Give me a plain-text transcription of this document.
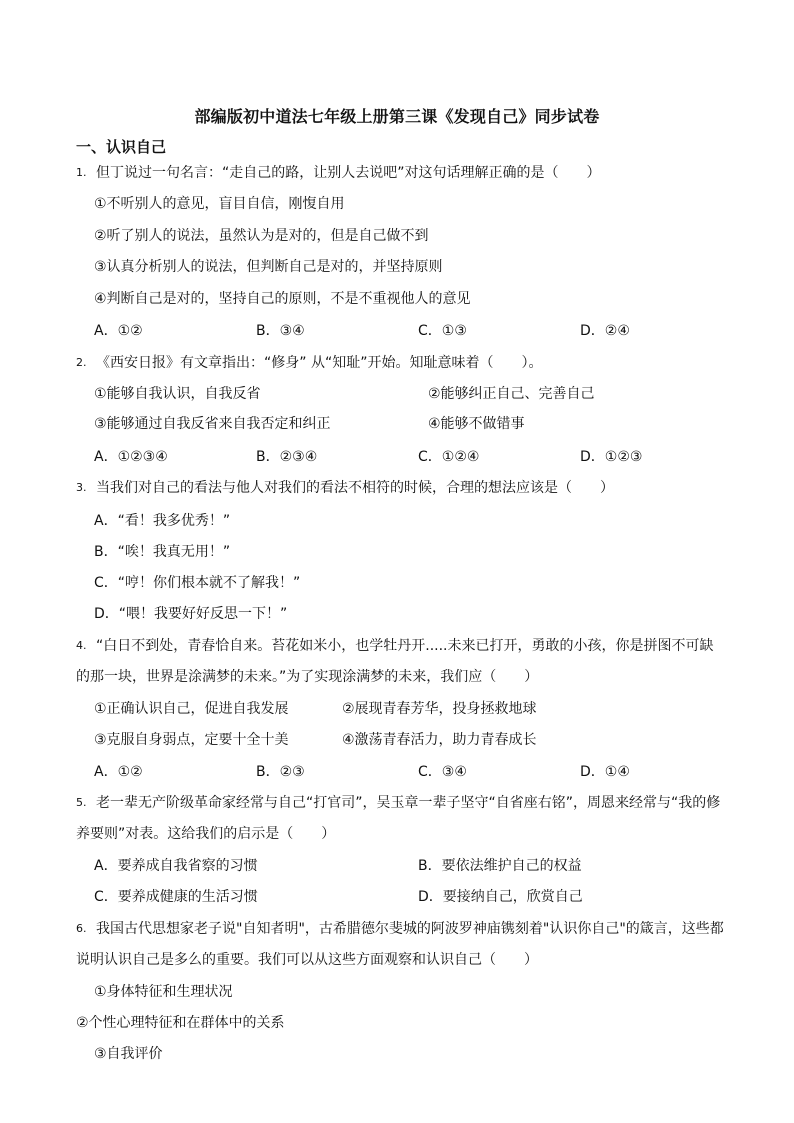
部编版初中道法七年级上册第三课《发现自己》同步试卷
一、认识自己
1. 但丁说过一句名言：“走自己的路，让别人去说吧”对这句话理解正确的是（　　）
①不听别人的意见，盲目自信，刚愎自用
②听了别人的说法，虽然认为是对的，但是自己做不到
③认真分析别人的说法，但判断自己是对的，并坚持原则
④判断自己是对的，坚持自己的原则，不是不重视他人的意见
A．①②	B．③④	C．①③	D．②④
2. 《西安日报》有文章指出：“修身” 从“知耻”开始。知耻意味着（　　）。
①能够自我认识，自我反省	②能够纠正自己、完善自己
③能够通过自我反省来自我否定和纠正	④能够不做错事
A．①②③④	B．②③④	C．①②④	D．①②③
3. 当我们对自己的看法与他人对我们的看法不相符的时候，合理的想法应该是（　　）
A．“看！我多优秀！”
B．“唉！我真无用！”
C．“哼！你们根本就不了解我！”
D．“喂！我要好好反思一下！”
4. “白日不到处，青春恰自来。苔花如米小，也学牡丹开.....未来已打开，勇敢的小孩，你是拼图不可缺
的那一块，世界是涂满梦的未来。”为了实现涂满梦的未来，我们应（　　）
①正确认识自己，促进自我发展	②展现青春芳华，投身拯救地球
③克服自身弱点，定要十全十美	④激荡青春活力，助力青春成长
A．①②	B．②③	C．③④	D．①④
5. 老一辈无产阶级革命家经常与自己“打官司”，吴玉章一辈子坚守“自省座右铭”，周恩来经常与“我的修
养要则”对表。这给我们的启示是（　　）
A．要养成自我省察的习惯	B．要依法维护自己的权益
C．要养成健康的生活习惯	D．要接纳自己，欣赏自己
6. 我国古代思想家老子说"自知者明"，古希腊德尔斐城的阿波罗神庙镌刻着"认识你自己"的箴言，这些都
说明认识自己是多么的重要。我们可以从这些方面观察和认识自己（　　）
①身体特征和生理状况
②个性心理特征和在群体中的关系
③自我评价
